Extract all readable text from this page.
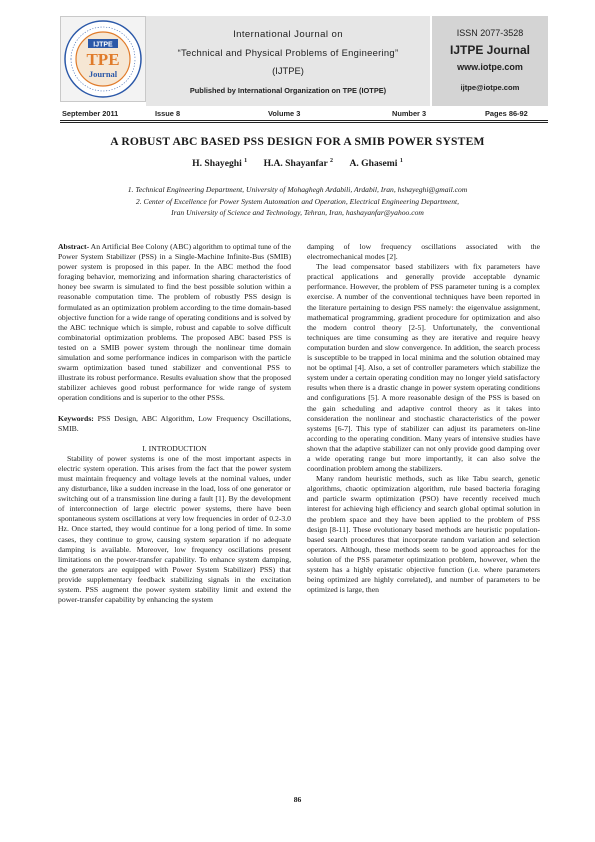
IJTPE
TPE
Journal
International Journal on
“Technical and Physical Problems of Engineering”
(IJTPE)
Published by International Organization on TPE (IOTPE)
ISSN 2077-3528
IJTPE Journal
www.iotpe.com
ijtpe@iotpe.com
September 2011	Issue 8	Volume 3	Number 3	Pages 86-92
A ROBUST ABC BASED PSS DESIGN FOR A SMIB POWER SYSTEM
H. Shayeghi $^1$ H.A. Shayanfar $^2$ A. Ghasemi $^1$
1. Technical Engineering Department, University of Mohaghegh Ardabili, Ardabil, Iran, hshayeghi@gmail.com
2. Center of Excellence for Power System Automation and Operation, Electrical Engineering Department,
Iran University of Science and Technology, Tehran, Iran, hashayanfar@yahoo.com

Abstract- An Artificial Bee Colony (ABC) algorithm to optimal tune of the Power System Stabilizer (PSS) in a Single-Machine Infinite-Bus (SMIB) power system is proposed in this paper. In the ABC method the food foraging behavior, memorizing and information sharing characteristics of honey bee swarm is simulated to find the best possible solution within a reasonable computation time. The problem of robustly PSS design is formulated as an optimization problem according to the time domain-based objective function for a wide range of operating conditions and is solved by the ABC technique which is simple, robust and capable to solve difficult combinatorial optimization problems. The proposed ABC based PSS is tested on a SMIB power system through the nonlinear time domain simulation and some performance indices in comparison with the particle swarm optimization based tuned stabilizer and conventional PSS to illustrate its robust performance. Results evaluation show that the proposed stabilizer achieves good robust performance for wide range of system operation conditions and is superior to the other PSSs.

Keywords: PSS Design, ABC Algorithm, Low Frequency Oscillations, SMIB.

I. INTRODUCTION

Stability of power systems is one of the most important aspects in electric system operation. This arises from the fact that the power system must maintain frequency and voltage levels at the nominal values, under any disturbance, like a sudden increase in the load, loss of one generator or switching out of a transmission line during a fault [1]. By the development of interconnection of large electric power systems, there have been spontaneous system oscillations at very low frequencies in order of 0.2-3.0 Hz. Once started, they would continue for a long period of time. In some cases, they continue to grow, causing system separation if no adequate damping is available. Moreover, low frequency oscillations present limitations on the power-transfer capability. To enhance system damping, the generators are equipped with Power System Stabilizer) PSS) that provide supplementary feedback stabilizing signals in the excitation system. PSS augment the power system stability limit and extend the power-transfer capability by enhancing the system

damping of low frequency oscillations associated with the electromechanical modes [2].

The lead compensator based stabilizers with fix parameters have practical applications and generally provide acceptable dynamic performance. However, the problem of PSS parameter tuning is a complex exercise. A number of the conventional techniques have been reported in the literature pertaining to design PSS namely: the eigenvalue assignment, mathematical programming, gradient procedure for optimization and also the modern control theory [2-5]. Unfortunately, the conventional techniques are time consuming as they are iterative and require heavy computation burden and slow convergence. In addition, the search process is susceptible to be trapped in local minima and the solution obtained may not be optimal [4]. Also, a set of controller parameters which stabilize the system under a certain operating condition may no longer yield satisfactory results when there is a drastic change in power system operating conditions and configurations [5]. A more reasonable design of the PSS is based on the gain scheduling and adaptive control theory as it takes into consideration the nonlinear and stochastic characteristics of the power systems [6-7]. This type of stabilizer can adjust its parameters on-line according to the operating condition. Many years of intensive studies have shown that the adaptive stabilizer can not only provide good damping over a wide operating range but more importantly, it can also solve the coordination problem among the stabilizers.

Many random heuristic methods, such as like Tabu search, genetic algorithms, chaotic optimization algorithm, rule based bacteria foraging and particle swarm optimization (PSO) have recently received much interest for achieving high efficiency and search global optimal solution in the problem space and they have been applied to the problem of PSS design [8-11]. These evolutionary based methods are heuristic population-based search procedures that incorporate random variation and selection operators. Although, these methods seem to be good approaches for the solution of the PSS parameter optimization problem, however, when the system has a highly epistatic objective function (i.e. where parameters being optimized are highly correlated), and number of parameters to be optimized is large, then

86
